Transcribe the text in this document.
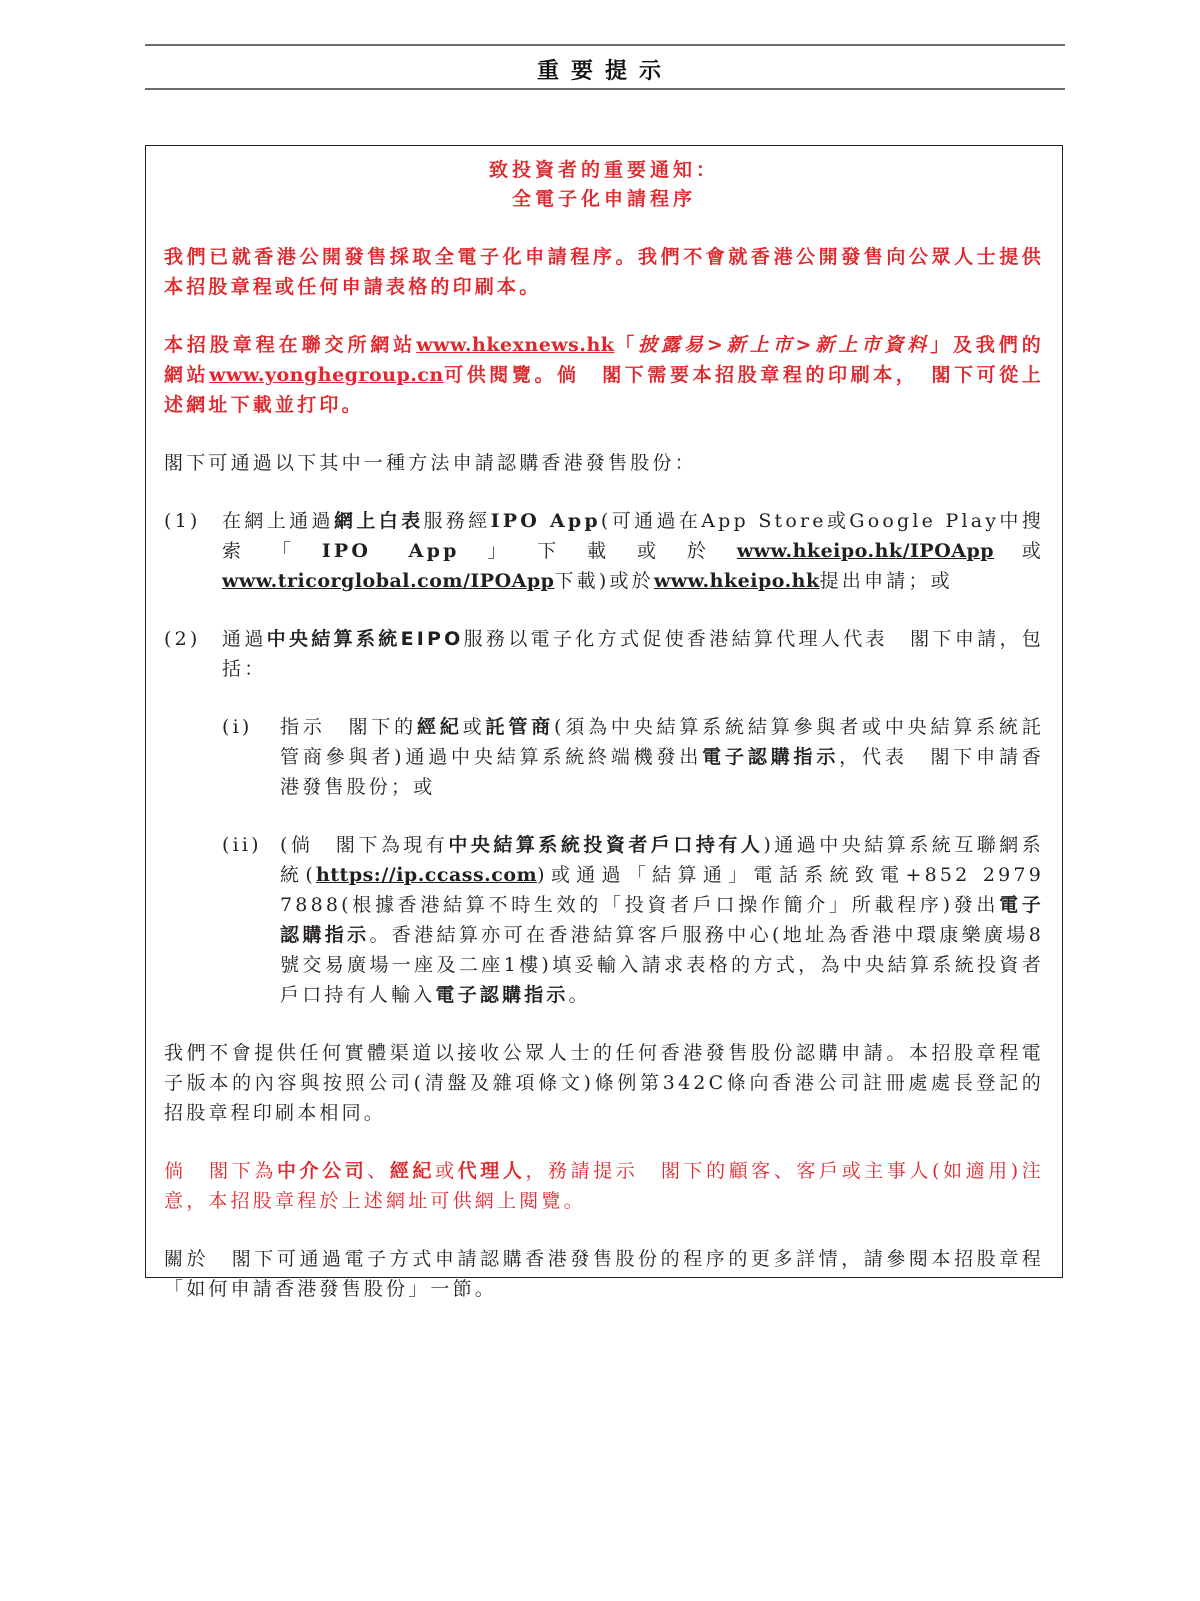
重要提示

致投資者的重要通知：

全電子化申請程序

我們已就香港公開發售採取全電子化申請程序。我們不會就香港公開發售向公眾人士提供本招股章程或任何申請表格的印刷本。

本招股章程在聯交所網站www.hkexnews.hk「披露易>新上市>新上市資料」及我們的網站www.yonghegroup.cn可供閱覽。倘　閣下需要本招股章程的印刷本，　閣下可從上述網址下載並打印。

閣下可通過以下其中一種方法申請認購香港發售股份：

(1)	在網上通過網上白表服務經IPO App(可通過在App Store或Google Play中搜索「IPO App」下載或於www.hkeipo.hk/IPOApp或www.tricorglobal.com/IPOApp下載)或於www.hkeipo.hk提出申請；或

(2)	通過中央結算系統EIPO服務以電子化方式促使香港結算代理人代表　閣下申請，包括：

(i)	指示　閣下的經紀或託管商(須為中央結算系統結算參與者或中央結算系統託管商參與者)通過中央結算系統終端機發出電子認購指示，代表　閣下申請香港發售股份；或

(ii) (倘　閣下為現有中央結算系統投資者戶口持有人)通過中央結算系統互聯網系統(https://ip.ccass.com)或通過「結算通」電話系統致電+852 2979 7888(根據香港結算不時生效的「投資者戶口操作簡介」所載程序)發出電子認購指示。香港結算亦可在香港結算客戶服務中心(地址為香港中環康樂廣場8號交易廣場一座及二座1樓)填妥輸入請求表格的方式，為中央結算系統投資者戶口持有人輸入電子認購指示。

我們不會提供任何實體渠道以接收公眾人士的任何香港發售股份認購申請。本招股章程電子版本的內容與按照公司(清盤及雜項條文)條例第342C條向香港公司註冊處處長登記的招股章程印刷本相同。

倘　閣下為中介公司、經紀或代理人，務請提示　閣下的顧客、客戶或主事人(如適用)注意，本招股章程於上述網址可供網上閱覽。

關於　閣下可通過電子方式申請認購香港發售股份的程序的更多詳情，請參閱本招股章程「如何申請香港發售股份」一節。
